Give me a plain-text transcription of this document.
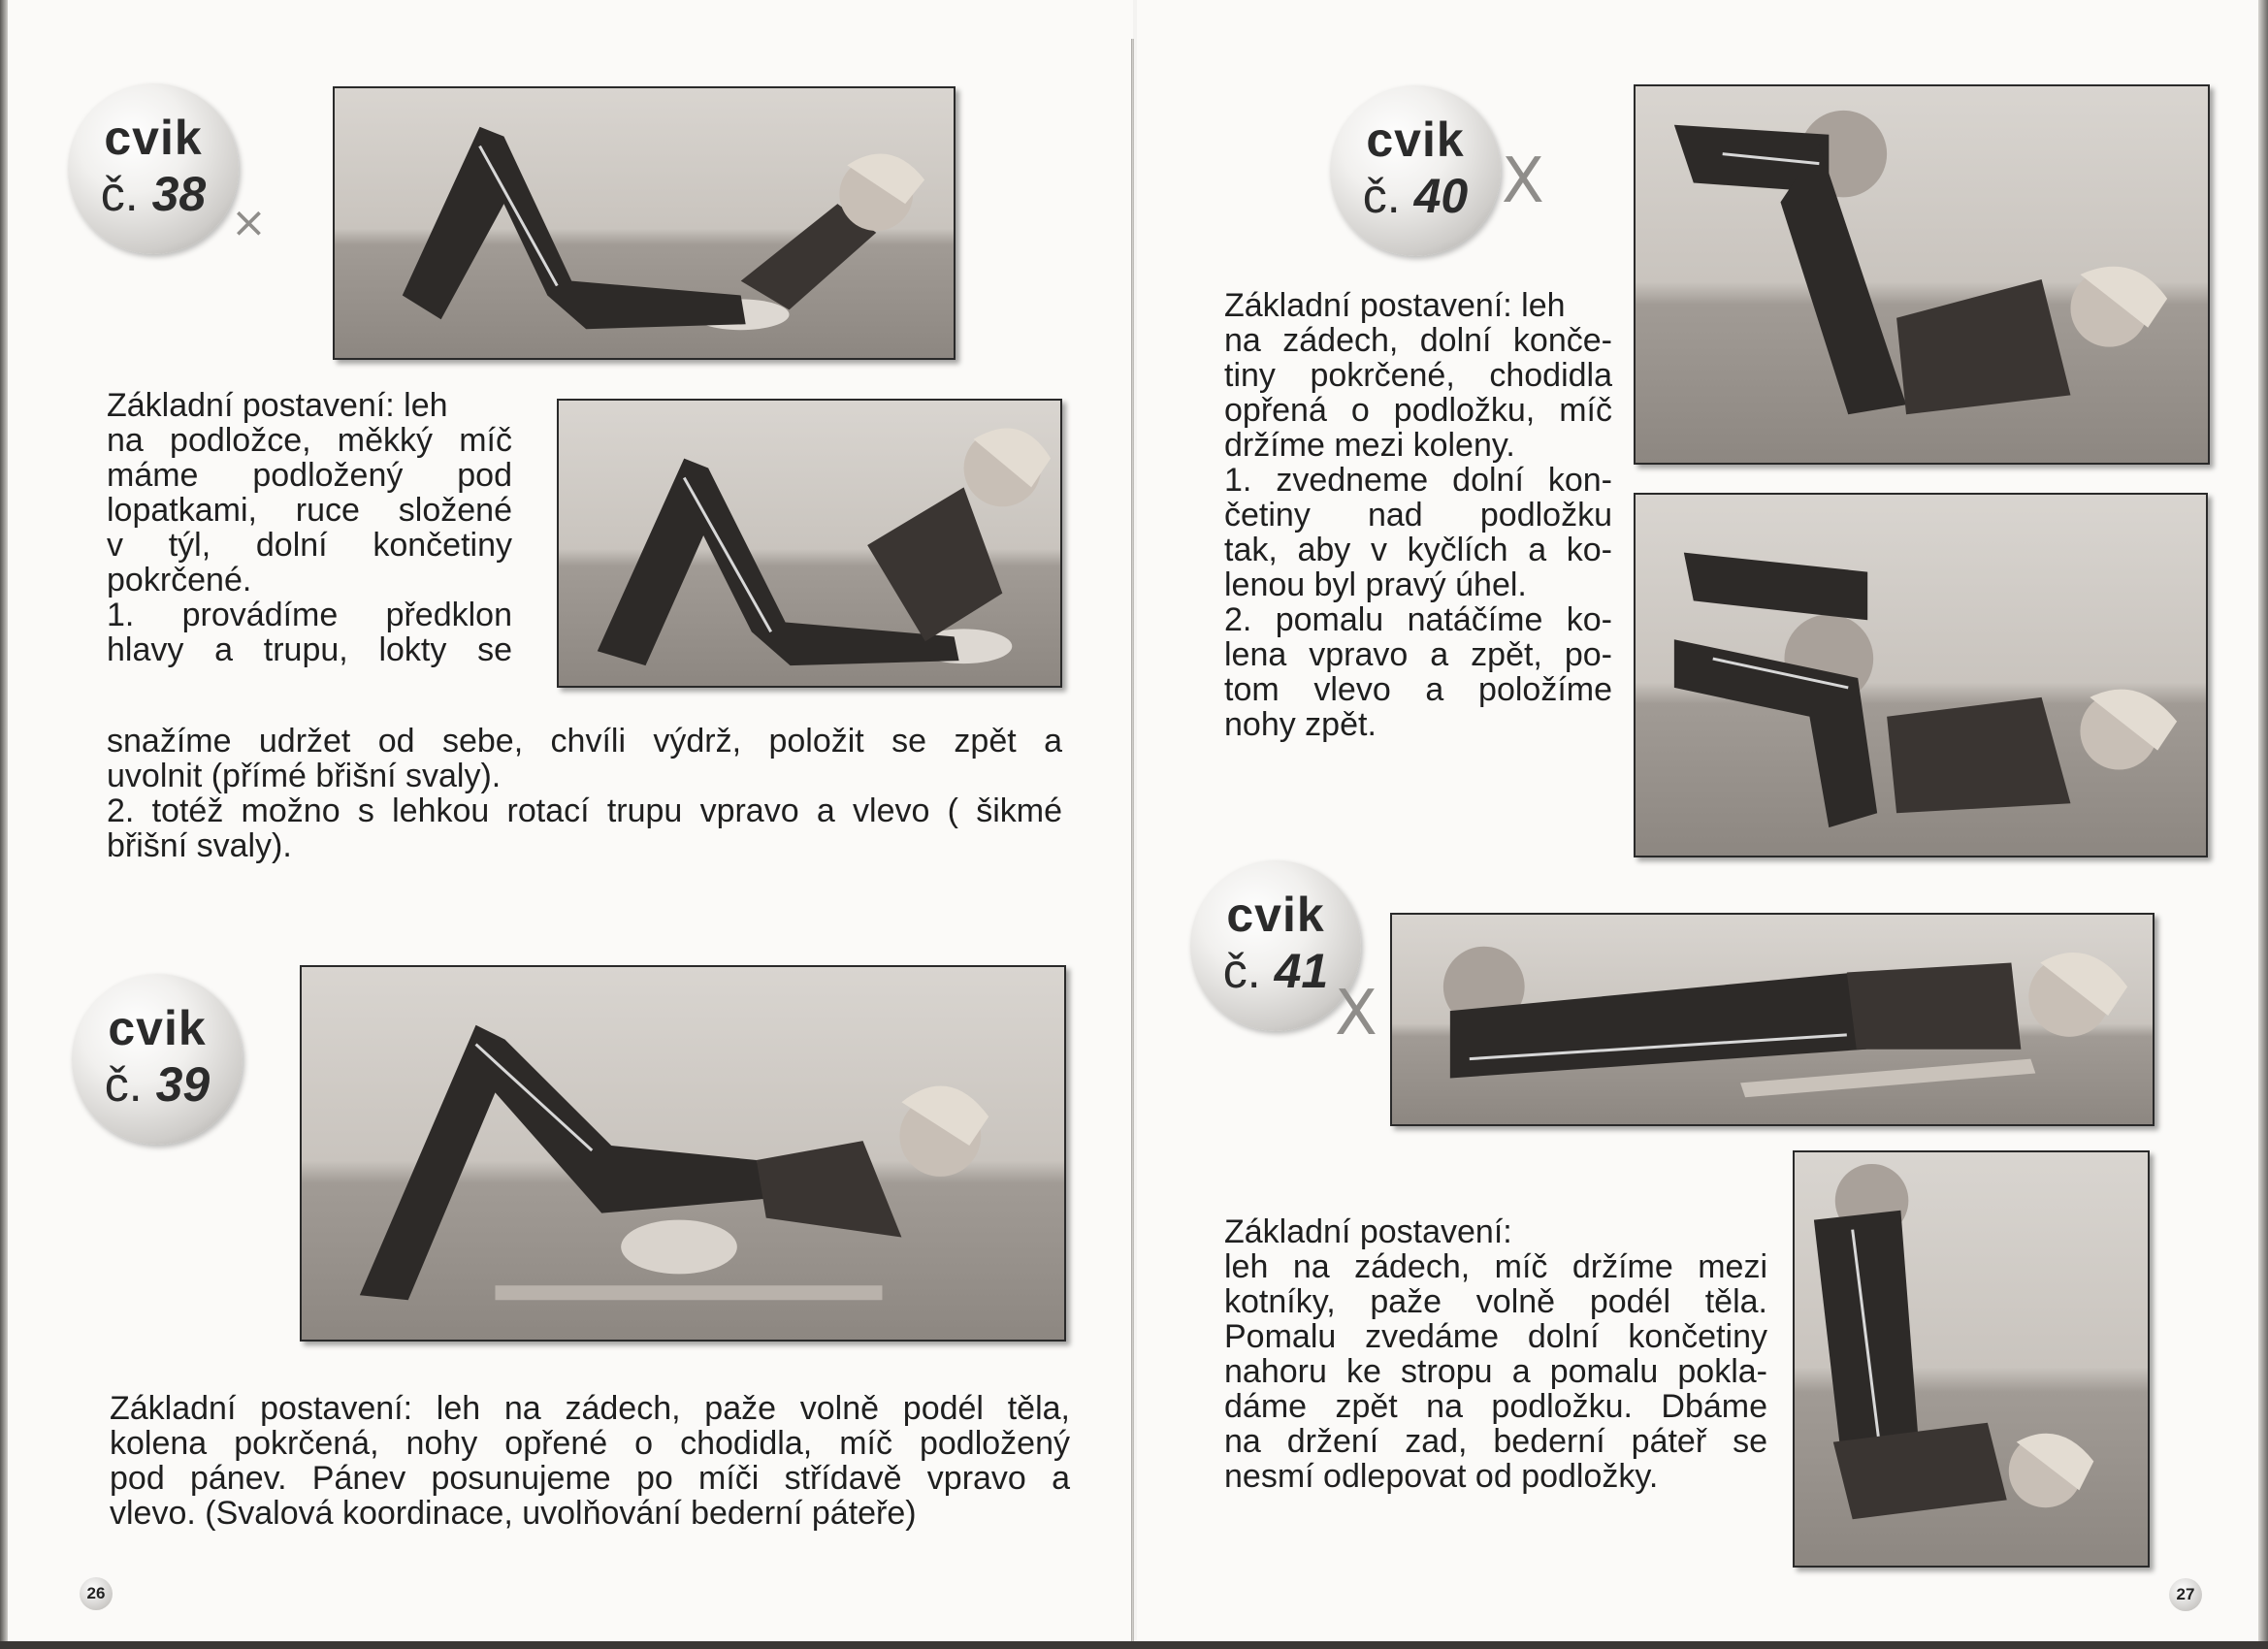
cvik
č. 38
×
Základní postavení: leh
na podložce, měkký míč
máme podložený pod
lopatkami, ruce složené
v týl, dolní končetiny
pokrčené.
1. provádíme předklon
hlavy a trupu, lokty se
snažíme udržet od sebe, chvíli výdrž, položit se zpět a
uvolnit (přímé břišní svaly).
2. totéž možno s lehkou rotací trupu vpravo a vlevo ( šikmé
břišní svaly).
cvik
č. 39
Základní postavení: leh na zádech, paže volně podél těla,
kolena pokrčená, nohy opřené o chodidla, míč podložený
pod pánev. Pánev posunujeme po míči střídavě vpravo a
vlevo. (Svalová koordinace, uvolňování bederní páteře)
26
cvik
č. 40 X
Základní postavení: leh
na zádech, dolní konče-
tiny pokrčené, chodidla
opřená o podložku, míč
držíme mezi koleny.
1. zvedneme dolní kon-
četiny nad podložku
tak, aby v kyčlích a ko-
lenou byl pravý úhel.
2. pomalu natáčíme ko-
lena vpravo a zpět, po-
tom vlevo a položíme
nohy zpět.
cvik
č. 41
X
Základní postavení:
leh na zádech, míč držíme mezi
kotníky, paže volně podél těla.
Pomalu zvedáme dolní končetiny
nahoru ke stropu a pomalu pokla-
dáme zpět na podložku. Dbáme
na držení zad, bederní páteř se
nesmí odlepovat od podložky.
27
